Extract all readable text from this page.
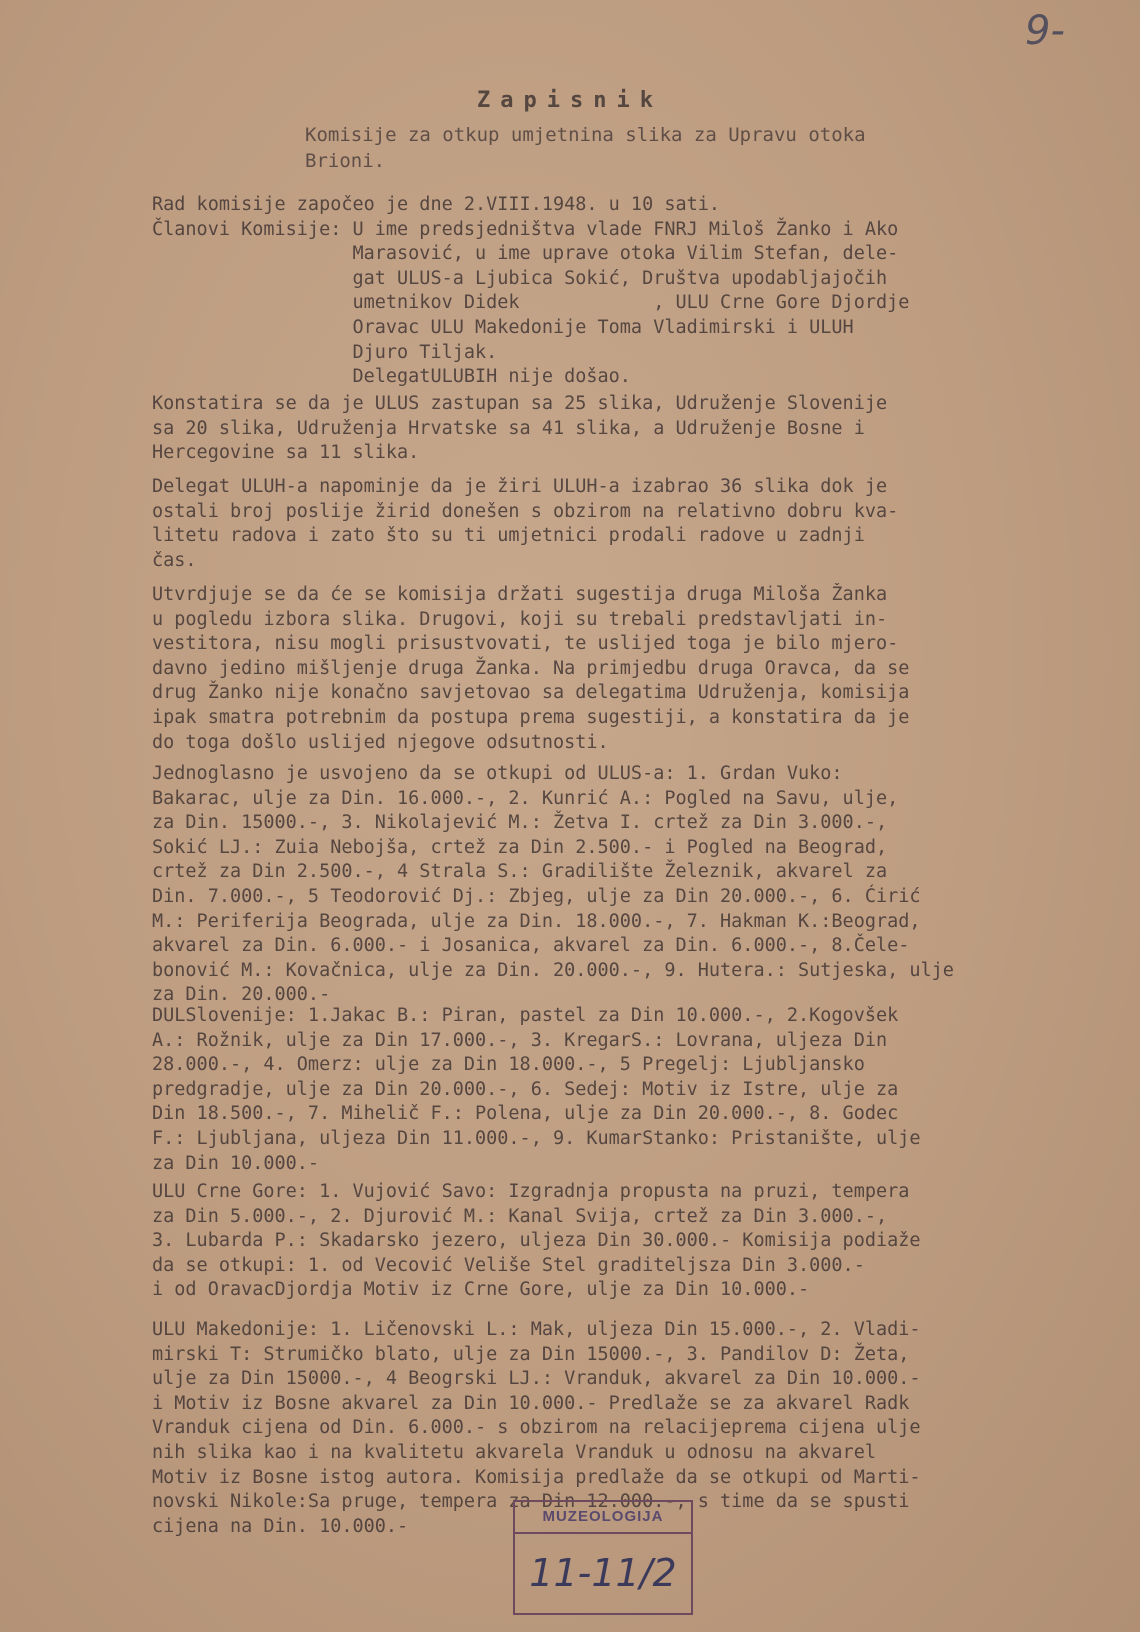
9-
Zapisnik
Komisije za otkup umjetnina slika za Upravu otoka Brioni.
Rad komisije započeo je dne 2.VIII.1948. u 10 sati.
Članovi Komisije: U ime predsjedništva vlade FNRJ Miloš Žanko i Ako
Marasović, u ime uprave otoka Vilim Stefan, dele-
gat ULUS-a Ljubica Sokić, Društva upodabljajočih
umetnikov Didek            , ULU Crne Gore Djordje
Oravac ULU Makedonije Toma Vladimirski i ULUH
Djuro Tiljak.
DelegatULUBIH nije došao.
Konstatira se da je ULUS zastupan sa 25 slika, Udruženje Slovenije
sa 20 slika, Udruženja Hrvatske sa 41 slika, a Udruženje Bosne i
Hercegovine sa 11 slika.
Delegat ULUH-a napominje da je žiri ULUH-a izabrao 36 slika dok je
ostali broj poslije žirid donešen s obzirom na relativno dobru kva-
litetu radova i zato što su ti umjetnici prodali radove u zadnji
čas.
Utvrdjuje se da će se komisija držati sugestija druga Miloša Žanka
u pogledu izbora slika. Drugovi, koji su trebali predstavljati in-
vestitora, nisu mogli prisustvovati, te uslijed toga je bilo mjero-
davno jedino mišljenje druga Žanka. Na primjedbu druga Oravca, da se
drug Žanko nije konačno savjetovao sa delegatima Udruženja, komisija
ipak smatra potrebnim da postupa prema sugestiji, a konstatira da je
do toga došlo uslijed njegove odsutnosti.
Jednoglasno je usvojeno da se otkupi od ULUS-a: 1. Grdan Vuko:
Bakarac, ulje za Din. 16.000.-, 2. Kunrić A.: Pogled na Savu, ulje,
za Din. 15000.-, 3. Nikolajević M.: Žetva I. crtež za Din 3.000.-,
Sokić LJ.: Zuia Nebojša, crtež za Din 2.500.- i Pogled na Beograd,
crtež za Din 2.500.-, 4 Strala S.: Gradilište Železnik, akvarel za
Din. 7.000.-, 5 Teodorović Dj.: Zbjeg, ulje za Din 20.000.-, 6. Ćirić
M.: Periferija Beograda, ulje za Din. 18.000.-, 7. Hakman K.:Beograd,
akvarel za Din. 6.000.- i Josanica, akvarel za Din. 6.000.-, 8.Čele-
bonović M.: Kovačnica, ulje za Din. 20.000.-, 9. Hutera.: Sutjeska, ulje
za Din. 20.000.-
DULSlovenije: 1.Jakac B.: Piran, pastel za Din 10.000.-, 2.Kogovšek
A.: Rožnik, ulje za Din 17.000.-, 3. KregarS.: Lovrana, uljeza Din
28.000.-, 4. Omerz: ulje za Din 18.000.-, 5 Pregelj: Ljubljansko
predgradje, ulje za Din 20.000.-, 6. Sedej: Motiv iz Istre, ulje za
Din 18.500.-, 7. Mihelič F.: Polena, ulje za Din 20.000.-, 8. Godec
F.: Ljubljana, uljeza Din 11.000.-, 9. KumarStanko: Pristanište, ulje
za Din 10.000.-
ULU Crne Gore: 1. Vujović Savo: Izgradnja propusta na pruzi, tempera
za Din 5.000.-, 2. Djurović M.: Kanal Svija, crtež za Din 3.000.-,
3. Lubarda P.: Skadarsko jezero, uljeza Din 30.000.- Komisija podiaže
da se otkupi: 1. od Vecović Veliše Stel graditeljsza Din 3.000.-
i od OravacDjordja Motiv iz Crne Gore, ulje za Din 10.000.-
ULU Makedonije: 1. Ličenovski L.: Mak, uljeza Din 15.000.-, 2. Vladi-
mirski T: Strumičko blato, ulje za Din 15000.-, 3. Pandilov D: Žeta,
ulje za Din 15000.-, 4 Beogrski LJ.: Vranduk, akvarel za Din 10.000.-
i Motiv iz Bosne akvarel za Din 10.000.- Predlaže se za akvarel Radk
Vranduk cijena od Din. 6.000.- s obzirom na relacijeprema cijena ulje
nih slika kao i na kvalitetu akvarela Vranduk u odnosu na akvarel
Motiv iz Bosne istog autora. Komisija predlaže da se otkupi od Marti-
novski Nikole:Sa pruge, tempera za Din 12.000.-, s time da se spusti
cijena na Din. 10.000.-	MUZEOLOGIJA
11-11/2
